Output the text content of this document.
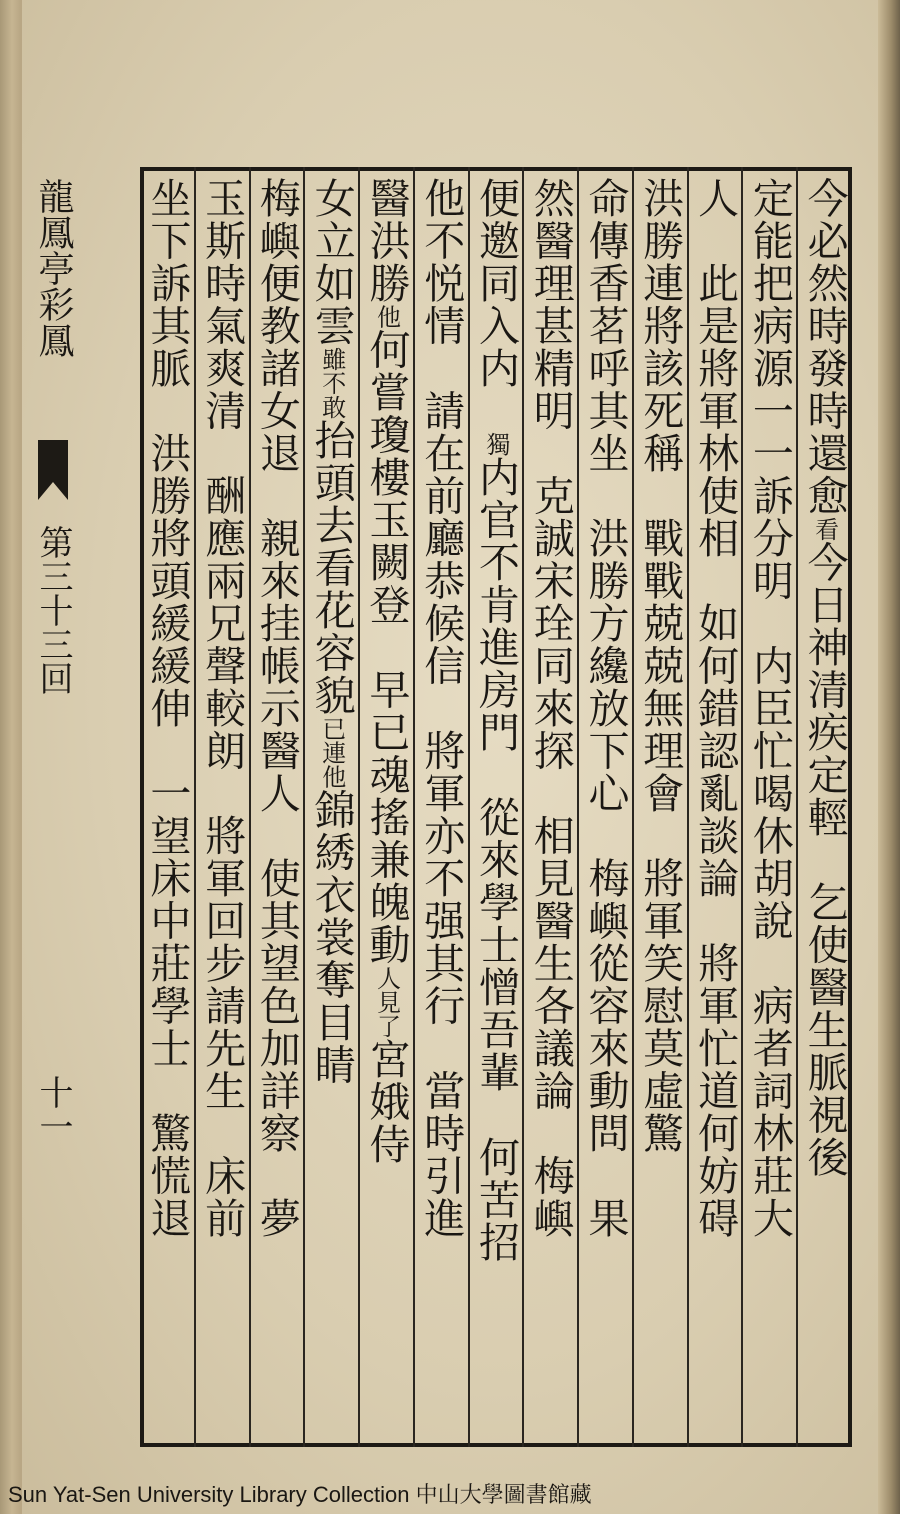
龍鳳亭彩鳳
第三十三回
十一
今必然時發時還愈看今日神清疾定輕　乞使醫生脈視後
定能把病源一一訴分明　内臣忙喝休胡說　病者詞林莊大
人　此是將軍林使相　如何錯認亂談論　將軍忙道何妨碍
洪勝連將該死稱　戰戰兢兢無理會　將軍笑慰莫虛驚
命傳香茗呼其坐　洪勝方纔放下心　梅嶼從容來動問　果
然醫理甚精明　克誠宋㻇同來探　相見醫生各議論　梅嶼
便邀同入内　獨内官不肯進房門　從來學士憎吾輩　何苦招
他不悦情　請在前廳恭候信　將軍亦不强其行　當時引進
醫洪勝他何嘗瓊樓玉闕登　早已魂搖兼魄動人見了宮娥侍
女立如雲雖不敢抬頭去看花容貌已連他錦綉衣裳奪目睛
梅嶼便教諸女退　親來挂帳示醫人　使其望色加詳察　夢
玉斯時氣爽清　酬應兩兄聲較朗　將軍回步請先生　床前
坐下訴其脈　洪勝將頭緩緩伸　一望床中莊學士　驚慌退
Sun Yat-Sen University Library Collection 中山大學圖書館藏
